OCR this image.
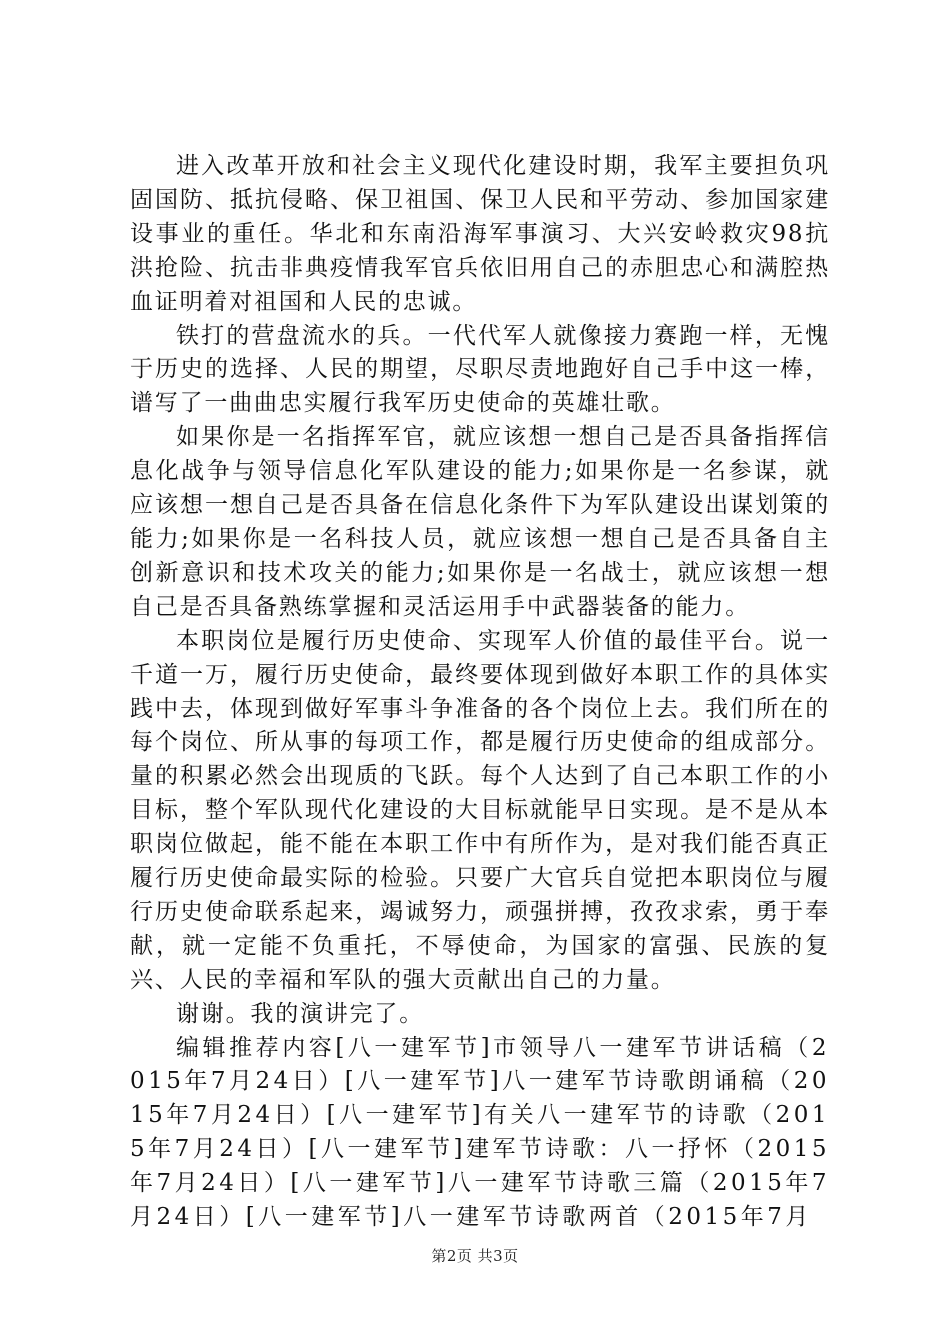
进入改革开放和社会主义现代化建设时期，我军主要担负巩固国防、抵抗侵略、保卫祖国、保卫人民和平劳动、参加国家建设事业的重任。华北和东南沿海军事演习、大兴安岭救灾98抗洪抢险、抗击非典疫情我军官兵依旧用自己的赤胆忠心和满腔热血证明着对祖国和人民的忠诚。

铁打的营盘流水的兵。一代代军人就像接力赛跑一样，无愧于历史的选择、人民的期望，尽职尽责地跑好自己手中这一棒，谱写了一曲曲忠实履行我军历史使命的英雄壮歌。

如果你是一名指挥军官，就应该想一想自己是否具备指挥信息化战争与领导信息化军队建设的能力;如果你是一名参谋，就应该想一想自己是否具备在信息化条件下为军队建设出谋划策的能力;如果你是一名科技人员，就应该想一想自己是否具备自主创新意识和技术攻关的能力;如果你是一名战士，就应该想一想自己是否具备熟练掌握和灵活运用手中武器装备的能力。

本职岗位是履行历史使命、实现军人价值的最佳平台。说一千道一万，履行历史使命，最终要体现到做好本职工作的具体实践中去，体现到做好军事斗争准备的各个岗位上去。我们所在的每个岗位、所从事的每项工作，都是履行历史使命的组成部分。量的积累必然会出现质的飞跃。每个人达到了自己本职工作的小目标，整个军队现代化建设的大目标就能早日实现。是不是从本职岗位做起，能不能在本职工作中有所作为，是对我们能否真正履行历史使命最实际的检验。只要广大官兵自觉把本职岗位与履行历史使命联系起来，竭诚努力，顽强拼搏，孜孜求索，勇于奉献，就一定能不负重托，不辱使命，为国家的富强、民族的复兴、人民的幸福和军队的强大贡献出自己的力量。

谢谢。我的演讲完了。

编辑推荐内容[八一建军节]市领导八一建军节讲话稿（2015年7月24日）[八一建军节]八一建军节诗歌朗诵稿（2015年7月24日）[八一建军节]有关八一建军节的诗歌（2015年7月24日）[八一建军节]建军节诗歌：八一抒怀（2015年7月24日）[八一建军节]八一建军节诗歌三篇（2015年7月24日）[八一建军节]八一建军节诗歌两首（2015年7月

第2页 共3页
